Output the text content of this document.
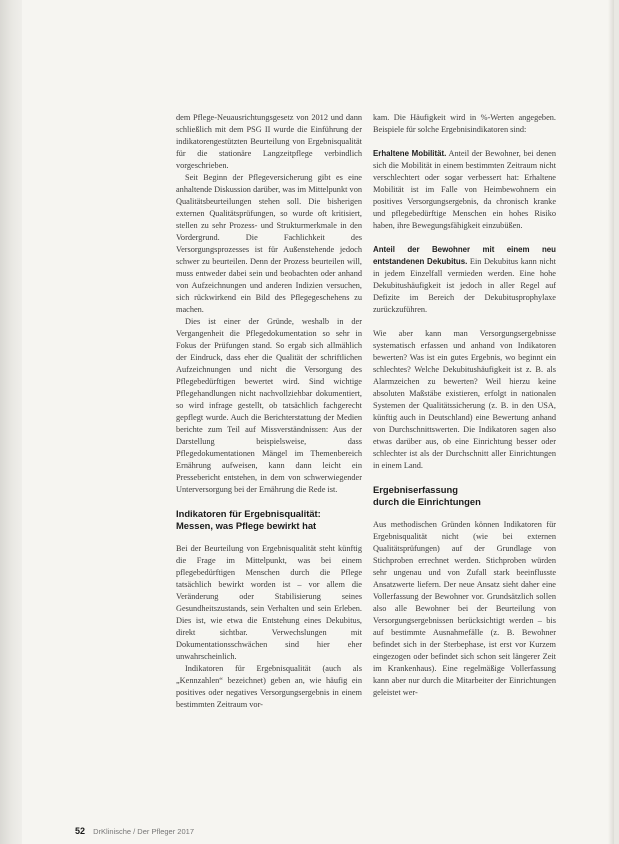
dem Pflege-Neuausrichtungsgesetz von 2012 und dann schließlich mit dem PSG II wurde die Einführung der indikatorengestützten Beurteilung von Ergebnisqualität für die stationäre Langzeitpflege verbindlich vorgeschrieben.

Seit Beginn der Pflegeversicherung gibt es eine anhaltende Diskussion darüber, was im Mittelpunkt von Qualitätsbeurteilungen stehen soll. Die bisherigen externen Qualitätsprüfungen, so wurde oft kritisiert, stellen zu sehr Prozess- und Strukturmerkmale in den Vordergrund. Die Fachlichkeit des Versorgungsprozesses ist für Außenstehende jedoch schwer zu beurteilen. Denn der Prozess beurteilen will, muss entweder dabei sein und beobachten oder anhand von Aufzeichnungen und anderen Indizien versuchen, sich rückwirkend ein Bild des Pflegegeschehens zu machen.

Dies ist einer der Gründe, weshalb in der Vergangenheit die Pflegedokumentation so sehr in Fokus der Prüfungen stand. So ergab sich allmählich der Eindruck, dass eher die Qualität der schriftlichen Aufzeichnungen und nicht die Versorgung des Pflegebedürftigen bewertet wird. Sind wichtige Pflegehandlungen nicht nachvollziehbar dokumentiert, so wird infrage gestellt, ob tatsächlich fachgerecht gepflegt wurde. Auch die Berichterstattung der Medien berichte zum Teil auf Missverständnissen: Aus der Darstellung beispielsweise, dass Pflegedokumentationen Mängel im Themenbereich Ernährung aufweisen, kann dann leicht ein Pressebericht entstehen, in dem von schwerwiegender Unterversorgung bei der Ernährung die Rede ist.

Indikatoren für Ergebnisqualität:
Messen, was Pflege bewirkt hat

Bei der Beurteilung von Ergebnisqualität steht künftig die Frage im Mittelpunkt, was bei einem pflegebedürftigen Menschen durch die Pflege tatsächlich bewirkt worden ist – vor allem die Veränderung oder Stabilisierung seines Gesundheitszustands, sein Verhalten und sein Erleben. Dies ist, wie etwa die Entstehung eines Dekubitus, direkt sichtbar. Verwechslungen mit Dokumentationsschwächen sind hier eher unwahrscheinlich.

Indikatoren für Ergebnisqualität (auch als „Kennzahlen“ bezeichnet) geben an, wie häufig ein positives oder negatives Versorgungsergebnis in einem bestimmten Zeitraum vor-

kam. Die Häufigkeit wird in %-Werten angegeben. Beispiele für solche Ergebnisindikatoren sind:

Erhaltene Mobilität. Anteil der Bewohner, bei denen sich die Mobilität in einem bestimmten Zeitraum nicht verschlechtert oder sogar verbessert hat: Erhaltene Mobilität ist im Falle von Heimbewohnern ein positives Versorgungsergebnis, da chronisch kranke und pflegebedürftige Menschen ein hohes Risiko haben, ihre Bewegungsfähigkeit einzubüßen.

Anteil der Bewohner mit einem neu entstandenen Dekubitus. Ein Dekubitus kann nicht in jedem Einzelfall vermieden werden. Eine hohe Dekubitushäufigkeit ist jedoch in aller Regel auf Defizite im Bereich der Dekubitusprophylaxe zurückzuführen.

Wie aber kann man Versorgungsergebnisse systematisch erfassen und anhand von Indikatoren bewerten? Was ist ein gutes Ergebnis, wo beginnt ein schlechtes? Welche Dekubitushäufigkeit ist z. B. als Alarmzeichen zu bewerten? Weil hierzu keine absoluten Maßstäbe existieren, erfolgt in nationalen Systemen der Qualitätssicherung (z. B. in den USA, künftig auch in Deutschland) eine Bewertung anhand von Durchschnittswerten. Die Indikatoren sagen also etwas darüber aus, ob eine Einrichtung besser oder schlechter ist als der Durchschnitt aller Einrichtungen in einem Land.

Ergebniserfassung
durch die Einrichtungen

Aus methodischen Gründen können Indikatoren für Ergebnisqualität nicht (wie bei externen Qualitätsprüfungen) auf der Grundlage von Stichproben errechnet werden. Stichproben würden sehr ungenau und von Zufall stark beeinflusste Ansatzwerte liefern. Der neue Ansatz sieht daher eine Vollerfassung der Bewohner vor. Grundsätzlich sollen also alle Bewohner bei der Beurteilung von Versorgungsergebnissen berücksichtigt werden – bis auf bestimmte Ausnahmefälle (z. B. Bewohner befindet sich in der Sterbephase, ist erst vor Kurzem eingezogen oder befindet sich schon seit längerer Zeit im Krankenhaus). Eine regelmäßige Vollerfassung kann aber nur durch die Mitarbeiter der Einrichtungen geleistet wer-

52 DrKlinische / Der Pfleger 2017
